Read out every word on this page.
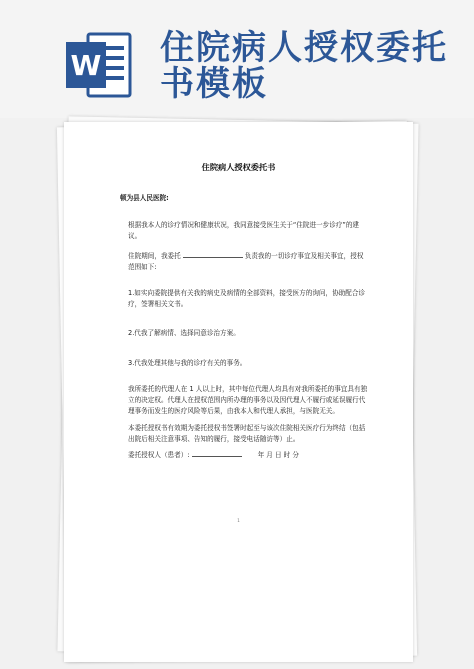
W 住院病人授权委托
书模板
住院病人授权委托书
顿为县人民医院:
根据我本人的诊疗情况和健康状况，我同意接受医生关于“住院进一步诊疗”的建议。
住院期间，我委托	负责我的一切诊疗事宜及相关事宜，授权范围如下:
1.如实向委院提供有关我的病史及病情的全部资料，接受医方的询问，协助配合诊疗，签署相关文书。
2.代我了解病情、选择同意诊治方案。
3.代我处理其他与我的诊疗有关的事务。
我所委托的代理人在 1 人以上时，其中每位代理人均具有对我所委托的事宜具有独立的决定权。代理人在授权范围内所办理的事务以及因代理人不履行或延误履行代理事务而发生的医疗风险等后果，由我本人和代理人承担，与医院无关。
本委托授权书有效期为委托授权书签署时起至与该次住院相关医疗行为终结（包括出院后相关注意事项、告知的履行，接受电话随访等）止。
委托授权人（患者）:	年 月 日 时 分
1
